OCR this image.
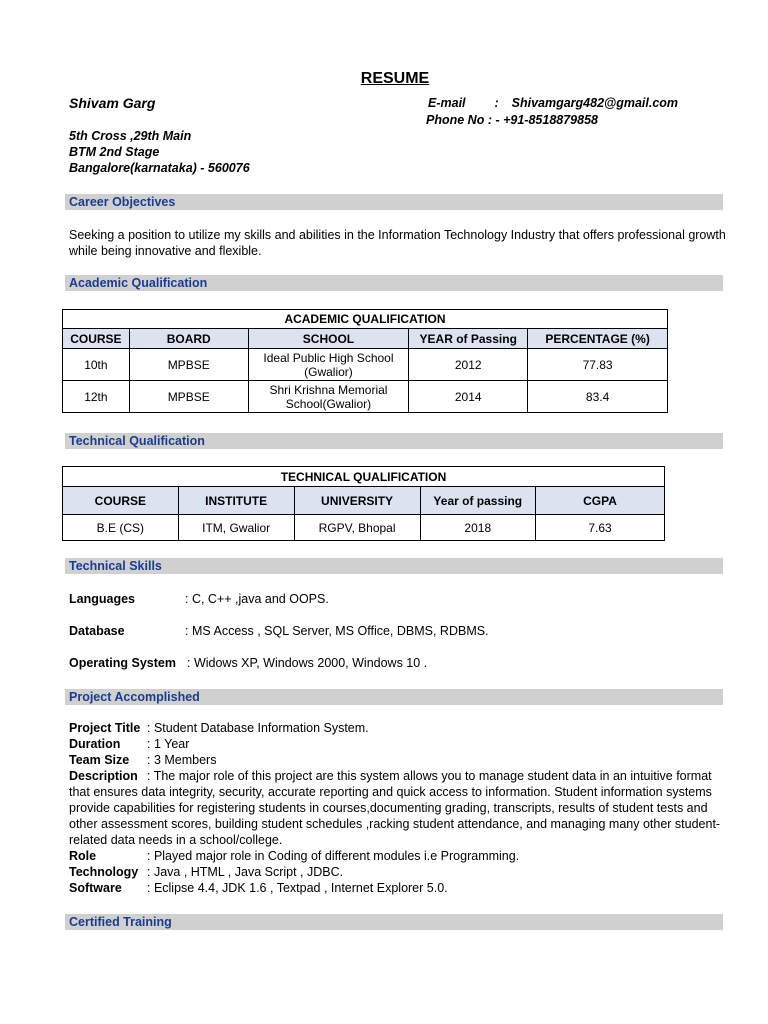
RESUME
Shivam Garg	E-mail : Shivamgarg482@gmail.com
Phone No : - +91-8518879858
5th Cross ,29th Main
BTM 2nd Stage
Bangalore(karnataka) - 560076
Career Objectives
Seeking a position to utilize my skills and abilities in the Information Technology Industry that offers professional growth while being innovative and flexible.
Academic Qualification
ACADEMIC QUALIFICATION				
COURSE	BOARD	SCHOOL	YEAR of Passing	PERCENTAGE (%)
10th	MPBSE	Ideal Public High School (Gwalior)	2012	77.83
12th	MPBSE	Shri Krishna Memorial School(Gwalior)	2014	83.4
Technical Qualification
TECHNICAL QUALIFICATION				
COURSE	INSTITUTE	UNIVERSITY	Year of passing	CGPA
B.E (CS)	ITM, Gwalior	RGPV, Bhopal	2018	7.63
Technical Skills
Languages	: C, C++ ,java and OOPS.
Database	: MS Access , SQL Server, MS Office, DBMS, RDBMS.
Operating System : Widows XP, Windows 2000, Windows 10 .
Project Accomplished
Project Title : Student Database Information System.
Duration : 1 Year
Team Size : 3 Members
Description : The major role of this project are this system allows you to manage student data in an intuitive format that ensures data integrity, security, accurate reporting and quick access to information. Student information systems provide capabilities for registering students in courses,documenting grading, transcripts, results of student tests and other assessment scores, building student schedules ,racking student attendance, and managing many other student-related data needs in a school/college.
Role	: Played major role in Coding of different modules i.e Programming.
Technology : Java , HTML , Java Script , JDBC.
Software : Eclipse 4.4, JDK 1.6 , Textpad , Internet Explorer 5.0.
Certified Training
